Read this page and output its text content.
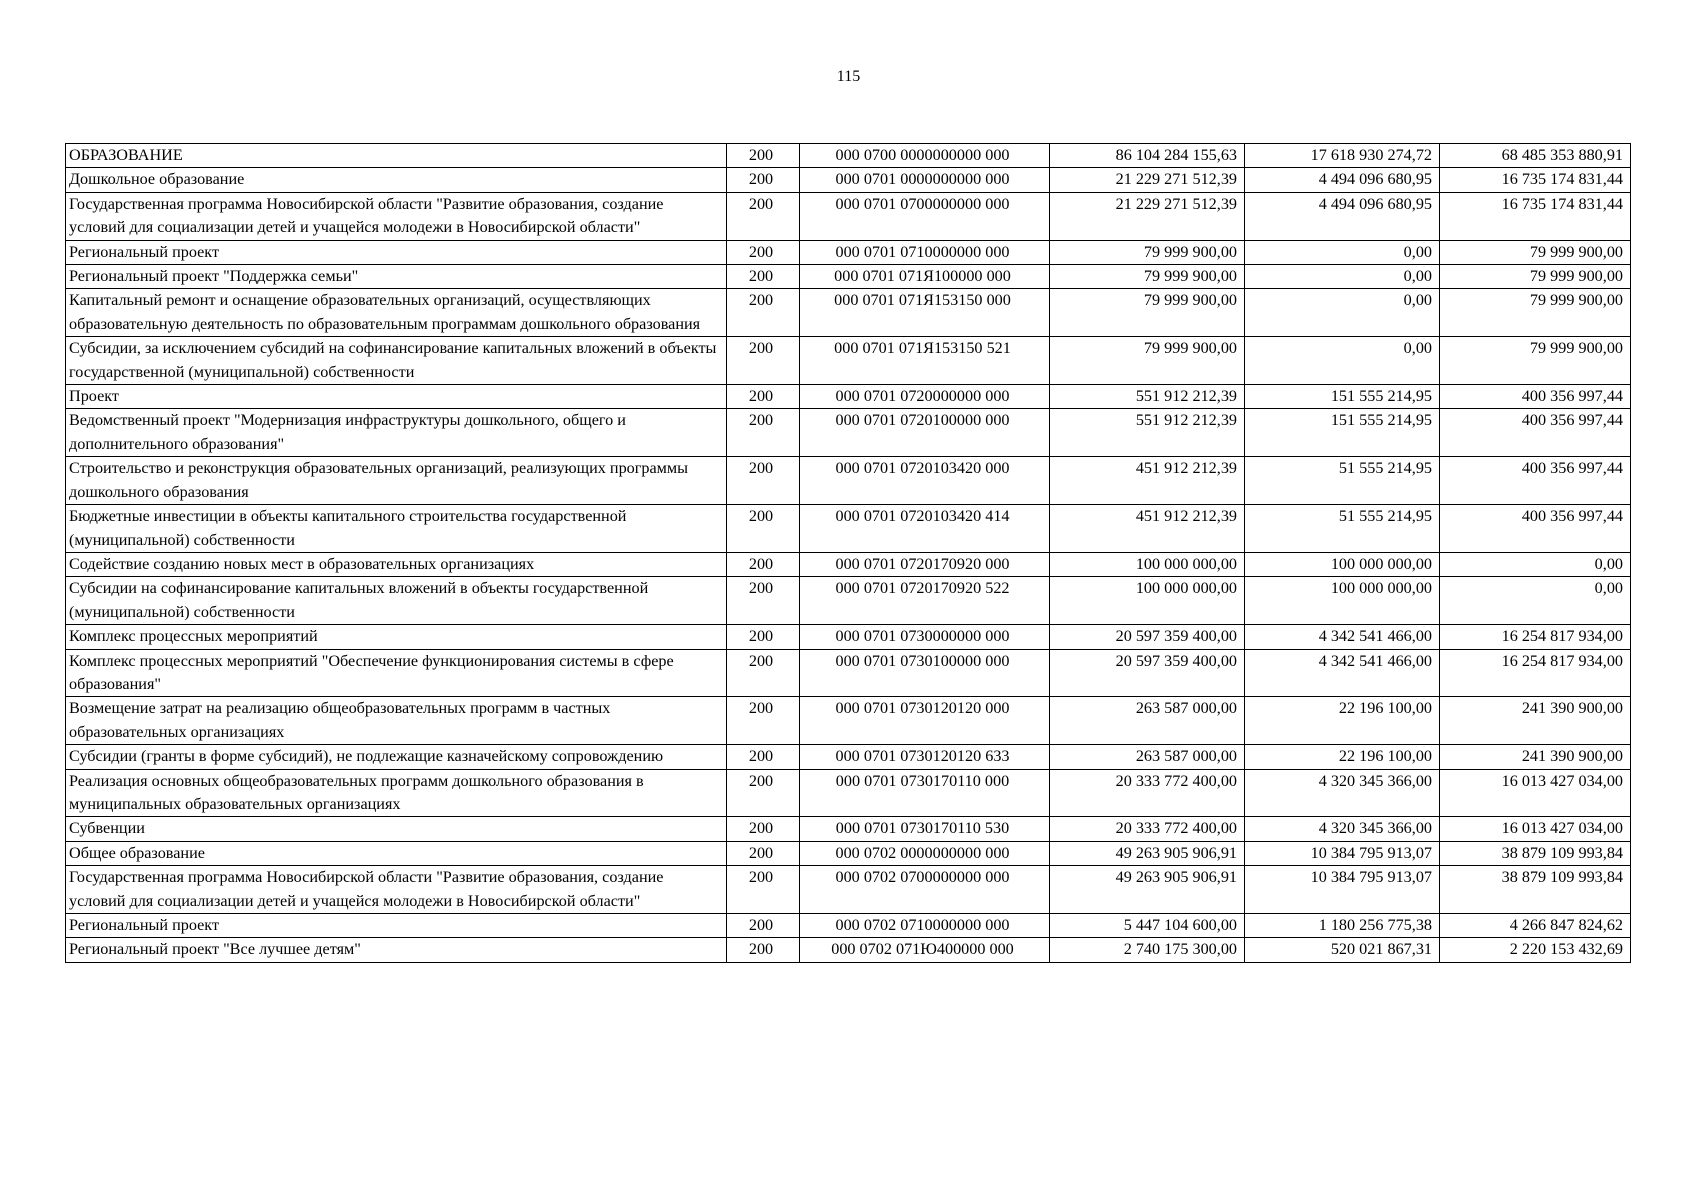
115
ОБРАЗОВАНИЕ	200	000 0700 0000000000 000	86 104 284 155,63	17 618 930 274,72	68 485 353 880,91
Дошкольное образование	200	000 0701 0000000000 000	21 229 271 512,39	4 494 096 680,95	16 735 174 831,44
Государственная программа Новосибирской области "Развитие образования, создание условий для социализации детей и учащейся молодежи в Новосибирской области"	200	000 0701 0700000000 000	21 229 271 512,39	4 494 096 680,95	16 735 174 831,44
Региональный проект	200	000 0701 0710000000 000	79 999 900,00	0,00	79 999 900,00
Региональный проект "Поддержка семьи"	200	000 0701 071Я100000 000	79 999 900,00	0,00	79 999 900,00
Капитальный ремонт и оснащение образовательных организаций, осуществляющих образовательную деятельность по образовательным программам дошкольного образования	200	000 0701 071Я153150 000	79 999 900,00	0,00	79 999 900,00
Субсидии, за исключением субсидий на софинансирование капитальных вложений в объекты государственной (муниципальной) собственности	200	000 0701 071Я153150 521	79 999 900,00	0,00	79 999 900,00
Проект	200	000 0701 0720000000 000	551 912 212,39	151 555 214,95	400 356 997,44
Ведомственный проект "Модернизация инфраструктуры дошкольного, общего и дополнительного образования"	200	000 0701 0720100000 000	551 912 212,39	151 555 214,95	400 356 997,44
Строительство и реконструкция образовательных организаций, реализующих программы дошкольного образования	200	000 0701 0720103420 000	451 912 212,39	51 555 214,95	400 356 997,44
Бюджетные инвестиции в объекты капитального строительства государственной (муниципальной) собственности	200	000 0701 0720103420 414	451 912 212,39	51 555 214,95	400 356 997,44
Содействие созданию новых мест в образовательных организациях	200	000 0701 0720170920 000	100 000 000,00	100 000 000,00	0,00
Субсидии на софинансирование капитальных вложений в объекты государственной (муниципальной) собственности	200	000 0701 0720170920 522	100 000 000,00	100 000 000,00	0,00
Комплекс процессных мероприятий	200	000 0701 0730000000 000	20 597 359 400,00	4 342 541 466,00	16 254 817 934,00
Комплекс процессных мероприятий "Обеспечение функционирования системы в сфере образования"	200	000 0701 0730100000 000	20 597 359 400,00	4 342 541 466,00	16 254 817 934,00
Возмещение затрат на реализацию общеобразовательных программ в частных образовательных организациях	200	000 0701 0730120120 000	263 587 000,00	22 196 100,00	241 390 900,00
Субсидии (гранты в форме субсидий), не подлежащие казначейскому сопровождению	200	000 0701 0730120120 633	263 587 000,00	22 196 100,00	241 390 900,00
Реализация основных общеобразовательных программ дошкольного образования в муниципальных образовательных организациях	200	000 0701 0730170110 000	20 333 772 400,00	4 320 345 366,00	16 013 427 034,00
Субвенции	200	000 0701 0730170110 530	20 333 772 400,00	4 320 345 366,00	16 013 427 034,00
Общее образование	200	000 0702 0000000000 000	49 263 905 906,91	10 384 795 913,07	38 879 109 993,84
Государственная программа Новосибирской области "Развитие образования, создание условий для социализации детей и учащейся молодежи в Новосибирской области"	200	000 0702 0700000000 000	49 263 905 906,91	10 384 795 913,07	38 879 109 993,84
Региональный проект	200	000 0702 0710000000 000	5 447 104 600,00	1 180 256 775,38	4 266 847 824,62
Региональный проект "Все лучшее детям"	200	000 0702 071Ю400000 000	2 740 175 300,00	520 021 867,31	2 220 153 432,69
